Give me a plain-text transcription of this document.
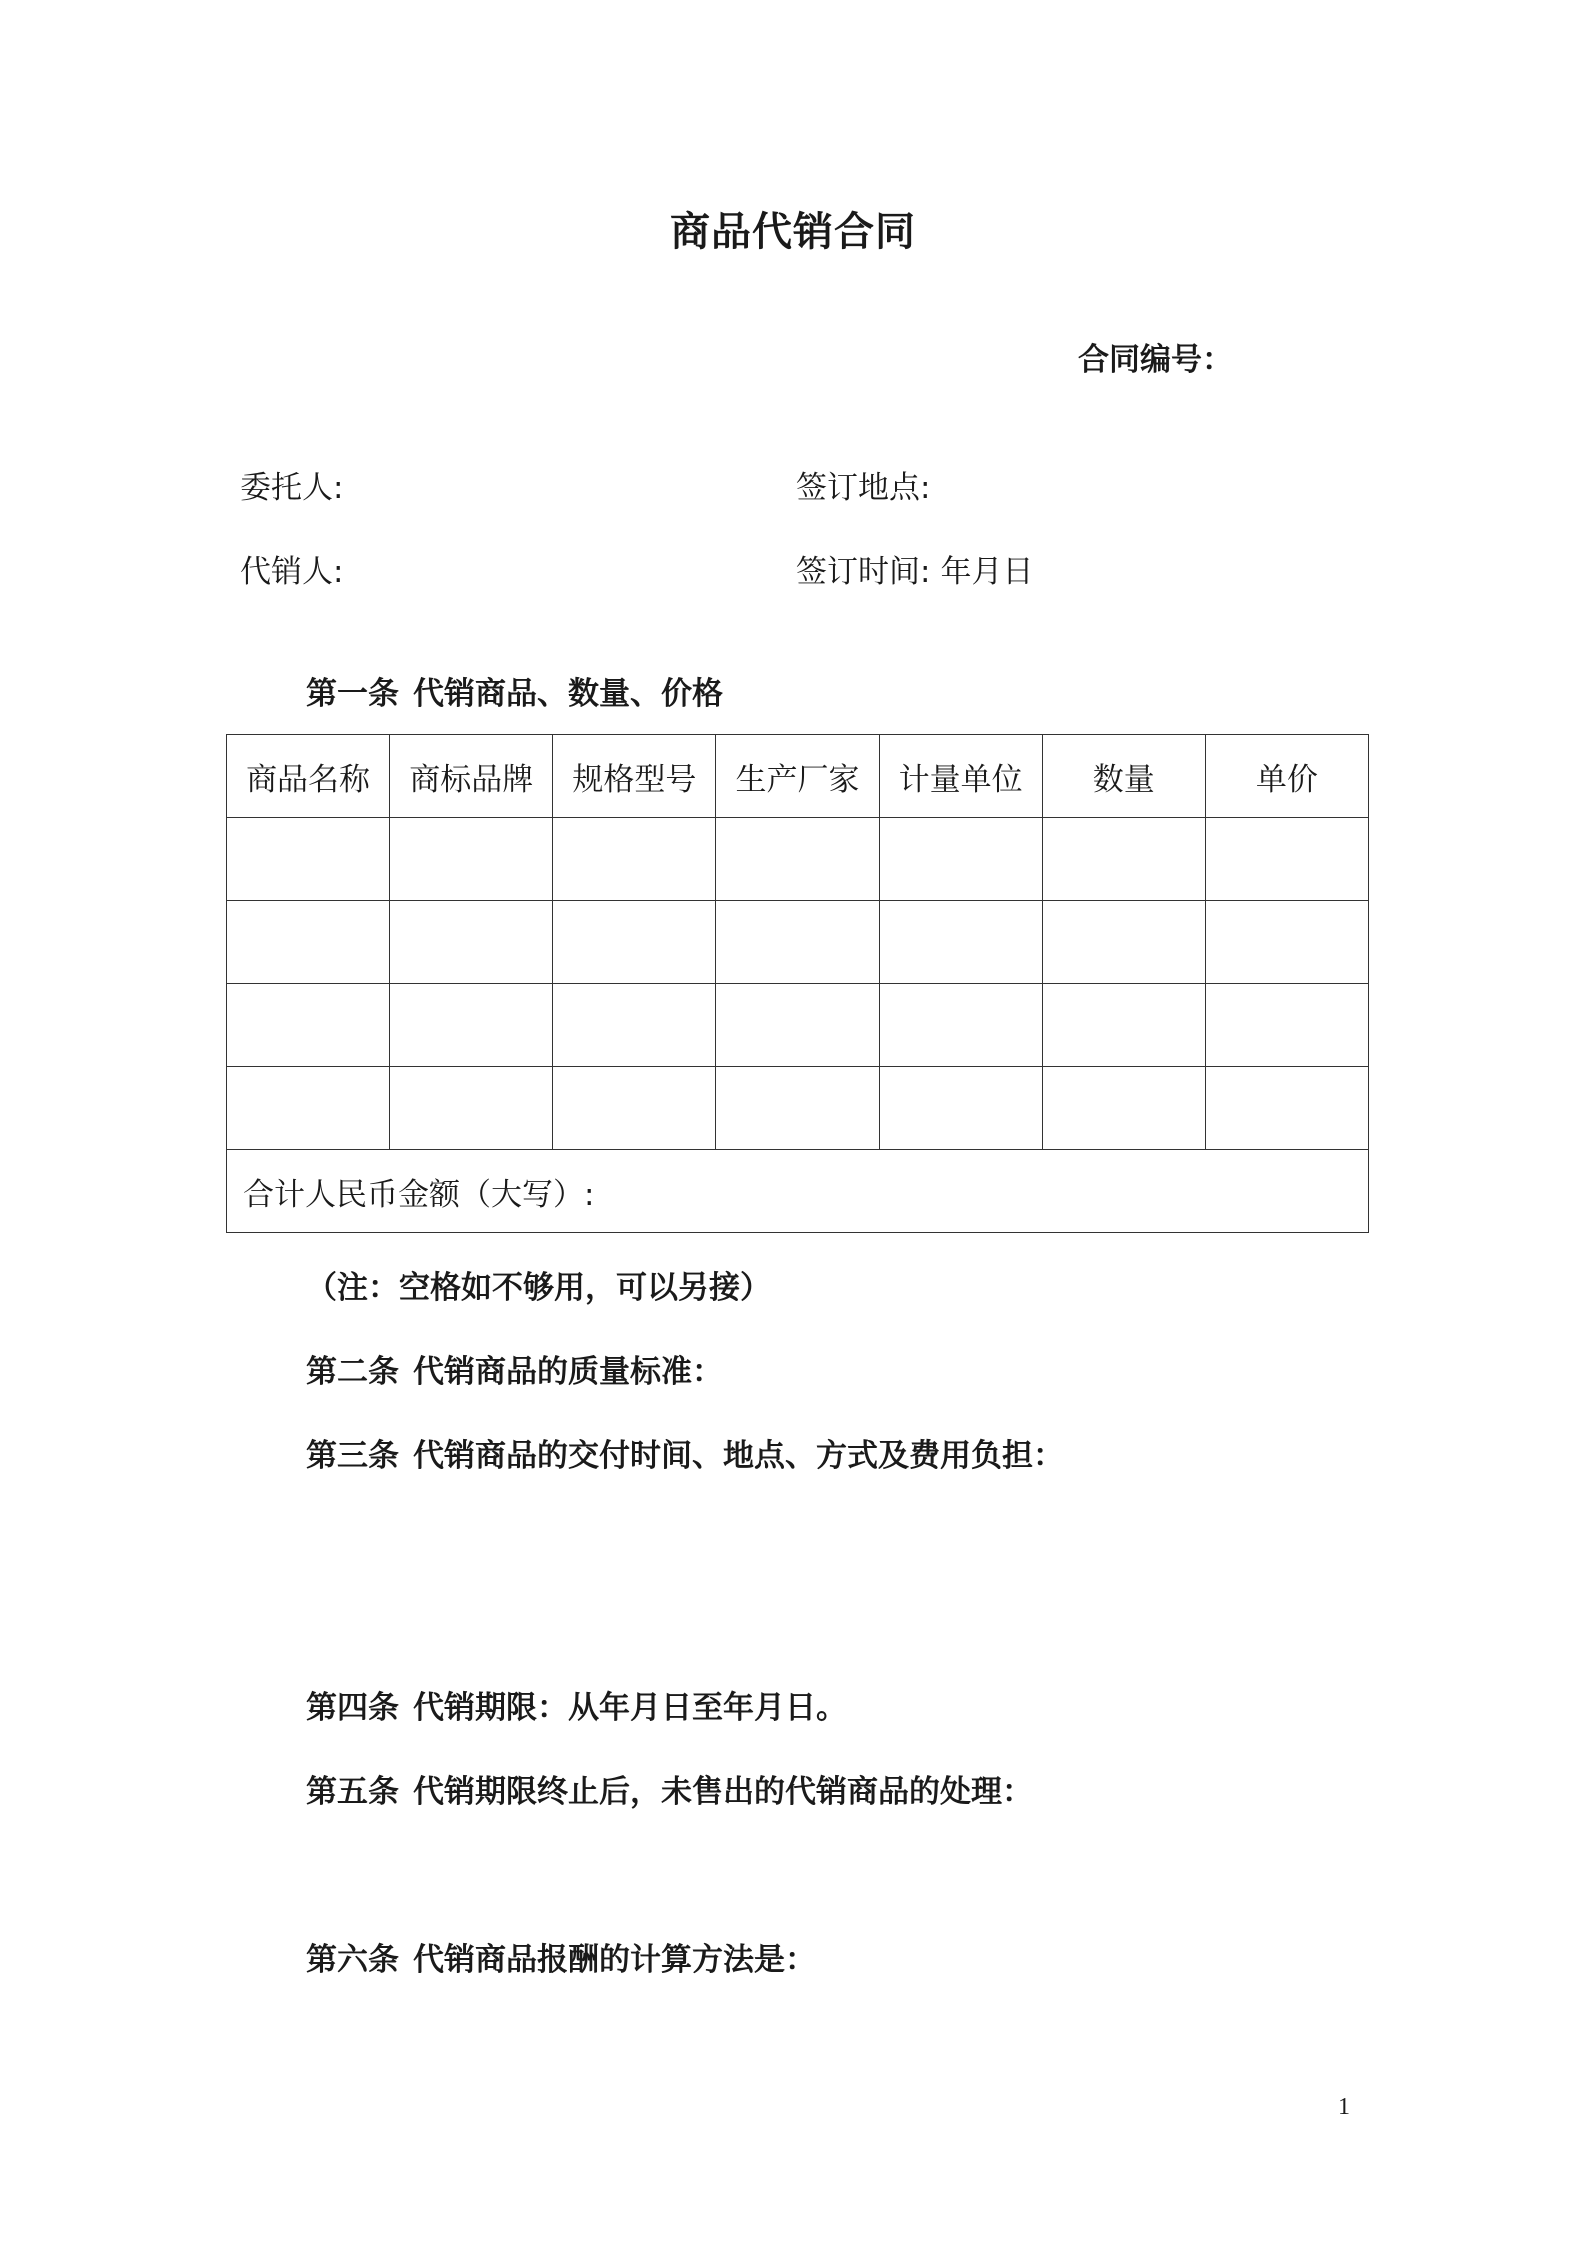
商品代销合同
合同编号：
委托人:	签订地点:
代销人:	签订时间: 年月日
第一条 代销商品、数量、价格
商品名称	商标品牌	规格型号	生产厂家	计量单位	数量	单价

合计人民币金额（大写）:						
（注：空格如不够用，可以另接）
第二条 代销商品的质量标准：
第三条 代销商品的交付时间、地点、方式及费用负担：
第四条 代销期限：从年月日至年月日。
第五条 代销期限终止后，未售出的代销商品的处理：
第六条 代销商品报酬的计算方法是：
1
